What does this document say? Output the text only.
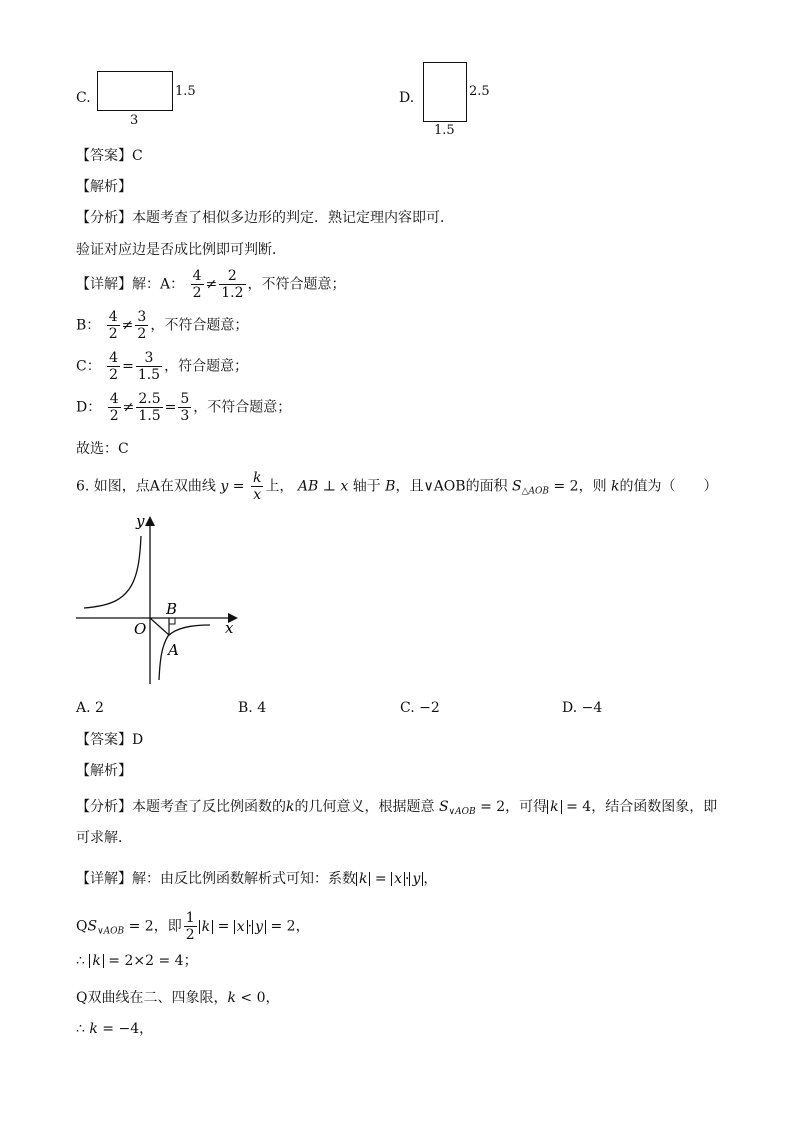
C.	1.5
3
D.	2.5
1.5
【答案】C
【解析】
【分析】本题考查了相似多边形的判定．熟记定理内容即可．
验证对应边是否成比例即可判断．
【详解】解：A： $\frac{4}{2} \ne \frac{2}{1.2}$ ，不符合题意；
B： $\frac{4}{2} \ne \frac{3}{2}$ ，不符合题意；
C： $\frac{4}{2} = \frac{3}{1.5}$ ，符合题意；
D： $\frac{4}{2} \ne \frac{2.5}{1.5} = \frac{5}{3}$ ，不符合题意；
故选：C
6. 如图，点A在双曲线 $y = \frac{k}{x}$ 上， AB ⊥ x 轴于 B，且∨AOB的面积 $S_{\triangle AOB} = 2$，则 k的值为（　　）
y
x
O
B
A
A. 2	B. 4	C. −2	D. −4
【答案】D
【解析】
【分析】本题考查了反比例函数的k的几何意义，根据题意 $S_{\vee AOB} = 2$，可得 k = 4，结合函数图象，即
可求解．
【详解】解：由反比例函数解析式可知：系数 k = x · y ，
$QS_{\vee AOB} = 2$，即 $\frac{1}{2}$ k = x · y = 2，
∴ k = 2×2 = 4；
Q双曲线在二、四象限，k < 0，
∴ k = −4，
